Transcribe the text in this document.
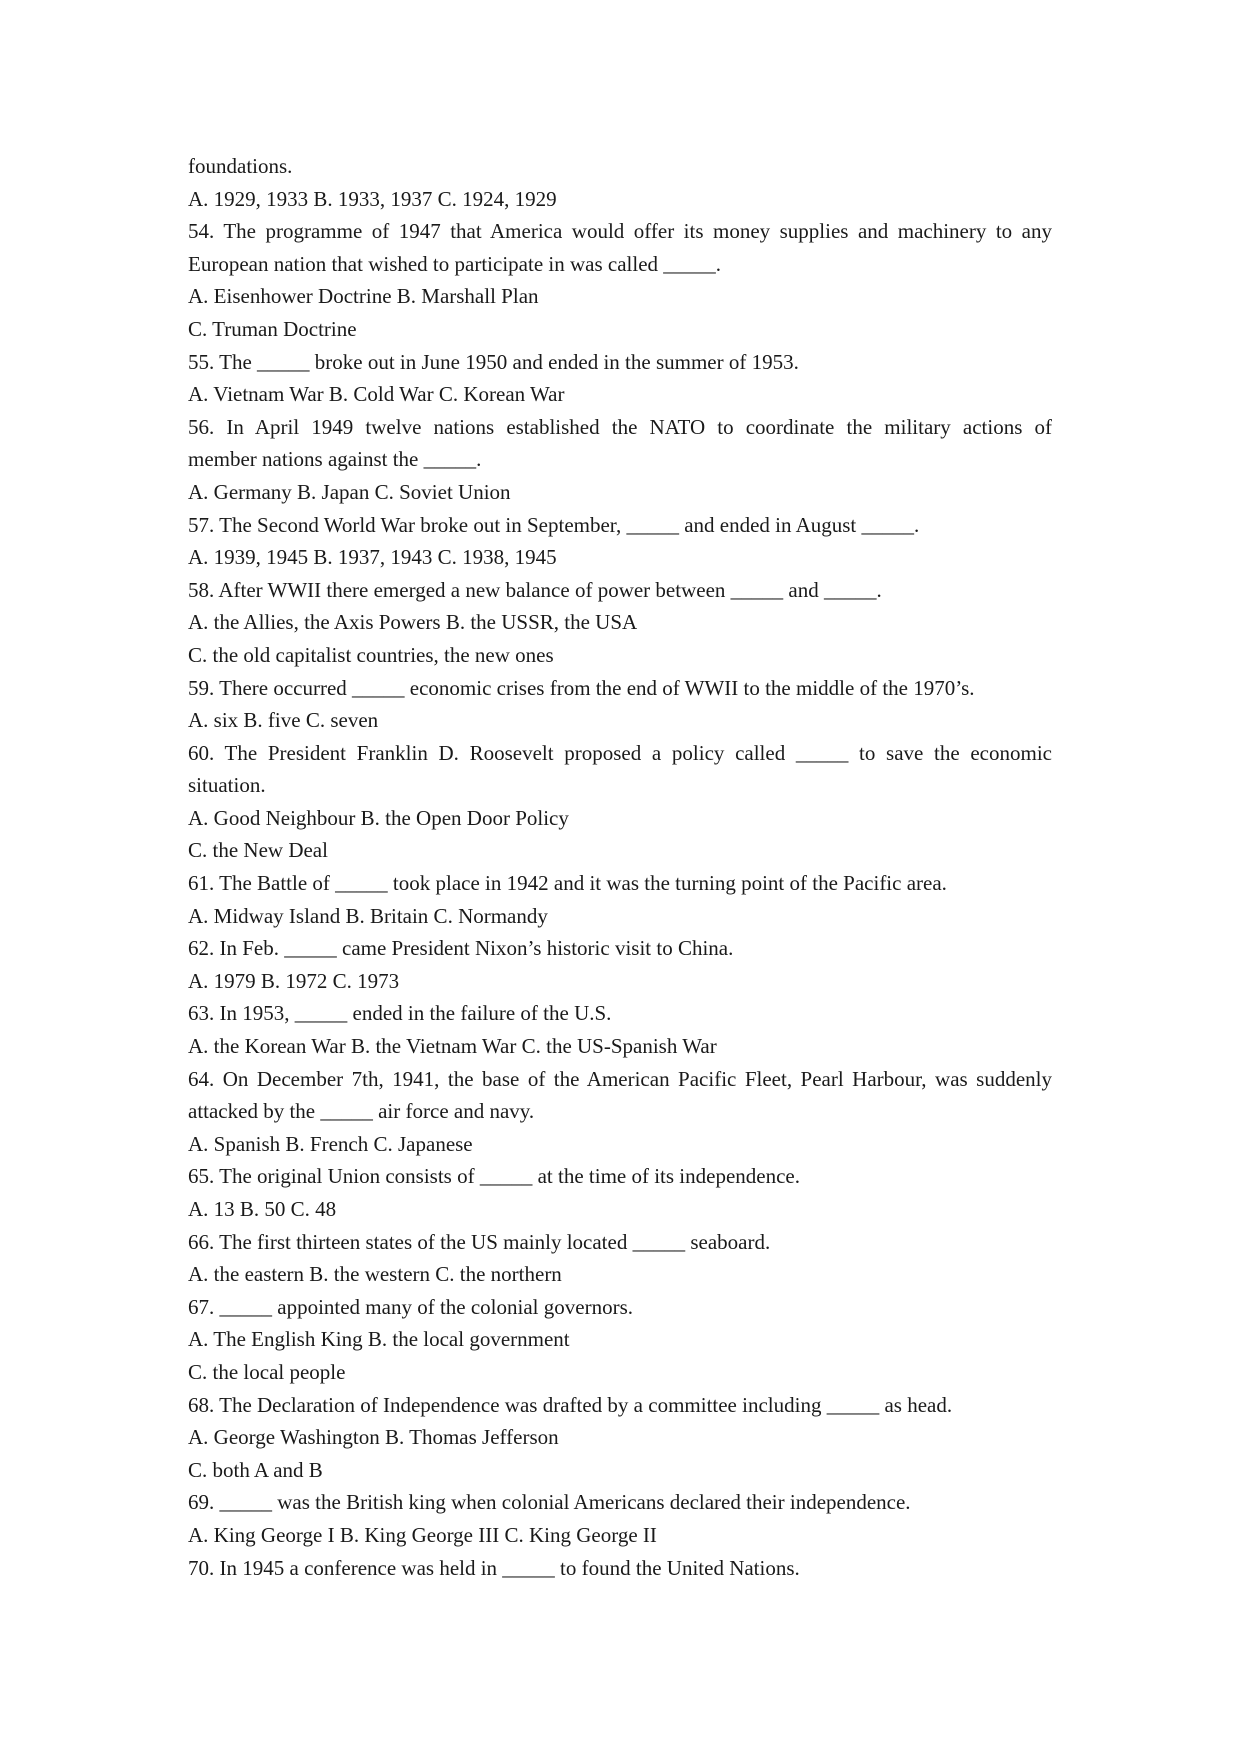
foundations.
A. 1929, 1933 B. 1933, 1937 C. 1924, 1929
54. The programme of 1947 that America would offer its money supplies and machinery to any
European nation that wished to participate in was called _____.
A. Eisenhower Doctrine B. Marshall Plan
C. Truman Doctrine
55. The _____ broke out in June 1950 and ended in the summer of 1953.
A. Vietnam War B. Cold War C. Korean War
56. In April 1949 twelve nations established the NATO to coordinate the military actions of
member nations against the _____.
A. Germany B. Japan C. Soviet Union
57. The Second World War broke out in September, _____ and ended in August _____.
A. 1939, 1945 B. 1937, 1943 C. 1938, 1945
58. After WWII there emerged a new balance of power between _____ and _____.
A. the Allies, the Axis Powers B. the USSR, the USA
C. the old capitalist countries, the new ones
59. There occurred _____ economic crises from the end of WWII to the middle of the 1970’s.
A. six B. five C. seven
60. The President Franklin D. Roosevelt proposed a policy called _____ to save the economic
situation.
A. Good Neighbour B. the Open Door Policy
C. the New Deal
61. The Battle of _____ took place in 1942 and it was the turning point of the Pacific area.
A. Midway Island B. Britain C. Normandy
62. In Feb. _____ came President Nixon’s historic visit to China.
A. 1979 B. 1972 C. 1973
63. In 1953, _____ ended in the failure of the U.S.
A. the Korean War B. the Vietnam War C. the US-Spanish War
64. On December 7th, 1941, the base of the American Pacific Fleet, Pearl Harbour, was suddenly
attacked by the _____ air force and navy.
A. Spanish B. French C. Japanese
65. The original Union consists of _____ at the time of its independence.
A. 13 B. 50 C. 48
66. The first thirteen states of the US mainly located _____ seaboard.
A. the eastern B. the western C. the northern
67. _____ appointed many of the colonial governors.
A. The English King B. the local government
C. the local people
68. The Declaration of Independence was drafted by a committee including _____ as head.
A. George Washington B. Thomas Jefferson
C. both A and B
69. _____ was the British king when colonial Americans declared their independence.
A. King George I B. King George III C. King George II
70. In 1945 a conference was held in _____ to found the United Nations.
